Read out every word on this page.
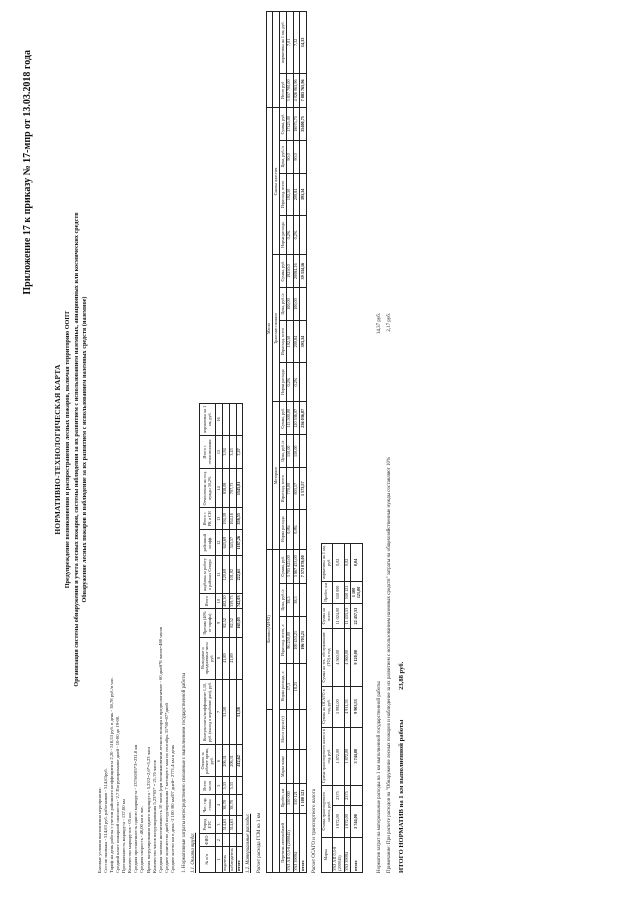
Приложение 17 к приказу № 17-мпр от 13.03.2018 года
НОРМАТИВНО-ТЕХНОЛОГИЧЕСКАЯ КАРТА Предупреждение возникновения и распространения лесных пожаров, включая территорию ООПТ Организация системы обнаружения и учета лесных пожаров, системы наблюдения за их развитием с использованием наземных, авиационных или космических средств Обнаружение лесных пожаров и наблюдение за их развитием с использованием наземных средств (наземное)
Базовые условия выполнения мероприятия: Состав экипажа - 514,63 руб. работников - 514,63руб. Тариф на день работы с учетом районного коэффициента 2,20 - 518,53 руб. в день - 38,78 руб./в час. Средний класс пожарной опасности - 2,7 Патрулирование дней - 10-00 до 19-00. Протяженность маршрута - 137,00 км Количество маршрутов - 05 шт. Средняя протяженность одного маршрута - 137/60/05*3=231,8 км Средняя скорость - 40,00 км в час. Время патрулирования одного маршрута - 5,23/2=2,6*=5,23 часа Количество часов патрулирования 5,23*05* = 21,76 часов Средняя часовая интенсивность 10 часов (при возникновении лесного пожара и предполагаемое - 60 дней*8 часов=480 часов Среднее количество дней патрулирования 7 месяцев с мая по сентябрь 31*60=07*дней Среднее кол-во км в день -2 100 /80 км/07 дней= 2771,4 км в день 1. Нормативные затраты непосредственно связанные с выполнением государственной работы 1.1. Оплата труда: № п/п	ФИО	Разряд ЕТС	Час. тар. ставка	Всего часов	Оплата за рабочее время, руб.	Консультанты/коэффициент 1,50, руб. (выход в нерабочие дни), руб.	Выходные и праздничные часы руб.	Премия (40% от тарифа)	Итого	надбавка за работу в районах Севера	районный коэфф.	Итого с РК и СН	Отчисления на соц. нужды 30,2%	Итого с отчислениями	нормативы на 1 км, руб.
1	2	3	4	5	6	7	8	9	10	11	12	13	14	15	16
водитель		514,63	38,78	5,33	206,31	51,58	41,89	82,52	402,30	120,69	643,69	194,39	838,08	3,94	
наблюдатель		514,63	38,78	5,33	206,31		41,89	82,52	339,73	101,92	543,57	164,16	707,73	3,43	
итого					412,62	51,58		165,05	742,03	222,61	1187,26	358,55	1545,81	7,37	
1.2. Материальные расходы: Расчет расхода ГСМ на 1 км
				Бензин (АИ-92)				Масло													
								Моторное				Трансмиссионное				Смазка пластич.					
Перечень автомобилей	Пробег, км	Марка чаще	Масса груза (т)	Норма расхода, л	Израсход. всего, л	Цена, руб./л	Сумма, руб.	Норма расхода	Израсход. всего	Цена, руб./л	Сумма, руб.	Норма расхода	Израсход. всего	Цена, руб./л	Сумма, руб.	Норма расхода	Израсход. всего	Цена, руб./л	Сумма, руб.	Итого руб	нормативы на 1 км, руб.
УАЗ АП 0,5-8 (200045)	550 000			17,5	96 250,00	38,5	3 705 625,00	0,8%	770,00	150,00	115 500,00	0,2%	192,50	100,00	19250,0	0,2%	192,50	90,0	17325,00	3 857 700,00	7,01
УАЗ 39094	550 121			18,25	100 453,21	38,5	3 867 453,00	0,8%	803,57	150,00	120 536,07	0,2%	200,84	100,00	20084,16	0,2%	200,84	90,0	18075,75	4 026 065,96	7,32
итого	1 100 121				196 703,21		7 573 078,00		1 573,57		236 036,07		393,34		39 334,16		393,34		35400,75	7 883 765,96	14,33
Расчет ОСАГО и транспортного налога	Марка	Ставка транспортного налога, руб.		Сумма транспортного налога в год, руб.	Сумма на ОСАГО в год, руб.	Сумма на тех. обслуживание (ТО) в год	Сумма на всего	Пробег, км	нормативы на 1 км, руб.
УАЗ АП 0,5-8 (200045)	1 872,00	2375	1 872,00	5 992,00	4 560,00	11 024,00	550 000	0,02
УАЗ 39094	1 872,00	2375	1 872,00	4 911,53	4 560,00	11 433,53	550 121	0,02
итого	3 744,00		3 744,00	9 903,53	9 120,00	22 457,53	1 100 121,00	0,04
Норматив затрат на материальные расходы на 1 км выполненной государственной работы
14,37 руб.
Примечание: При расчете расходов на "Обнаружение лесных пожаров и наблюдение за их развитием с использованием наземных средств" затраты на общехозяйственные нужды составляют 10%
2,17 руб.
ИТОГО НОРМАТИВ на 1 км выполненной работы                  23,88 руб.
